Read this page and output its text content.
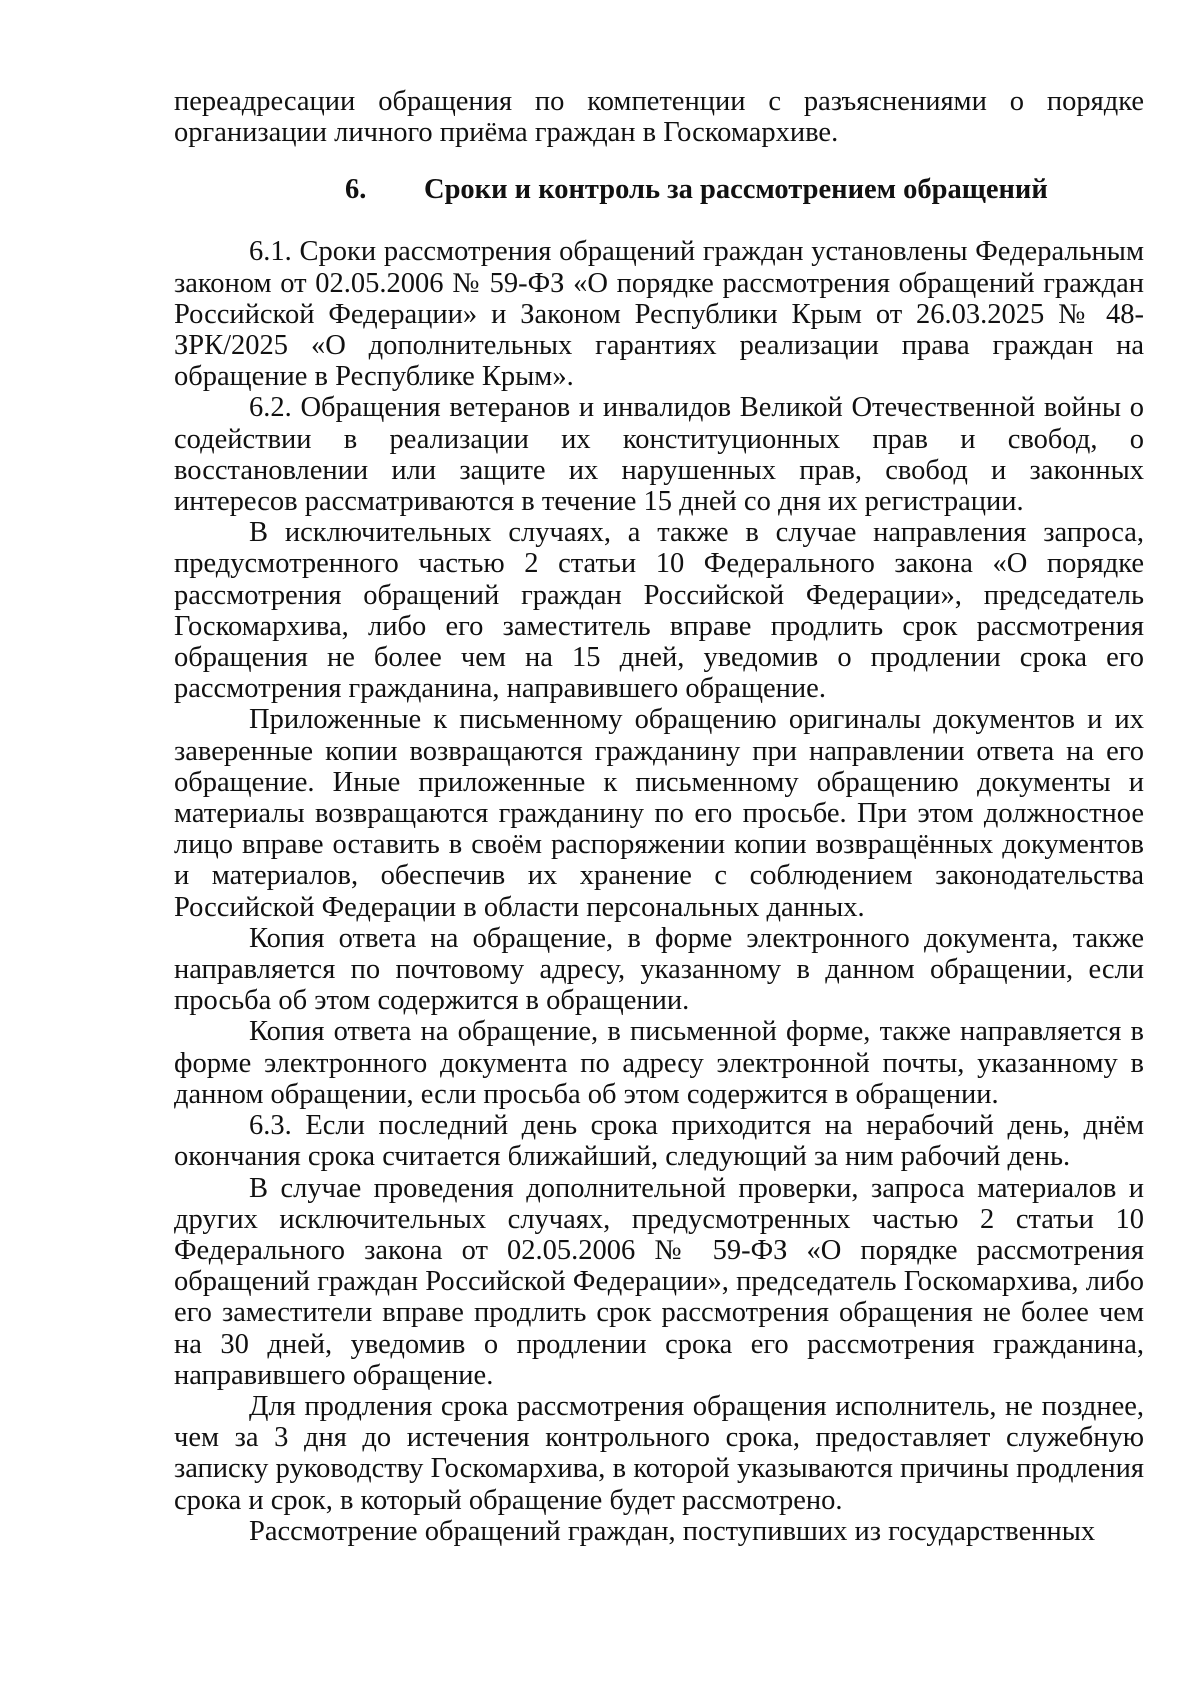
переадресации обращения по компетенции с разъяснениями о порядке организации личного приёма граждан в Госкомархиве.

6. Сроки и контроль за рассмотрением обращений

6.1. Сроки рассмотрения обращений граждан установлены Федеральным законом от 02.05.2006 № 59-ФЗ «О порядке рассмотрения обращений граждан Российской Федерации» и Законом Республики Крым от 26.03.2025 № 48-ЗРК/2025 «О дополнительных гарантиях реализации права граждан на обращение в Республике Крым».

6.2. Обращения ветеранов и инвалидов Великой Отечественной войны о содействии в реализации их конституционных прав и свобод, о восстановлении или защите их нарушенных прав, свобод и законных интересов рассматриваются в течение 15 дней со дня их регистрации.

В исключительных случаях, а также в случае направления запроса, предусмотренного частью 2 статьи 10 Федерального закона «О порядке рассмотрения обращений граждан Российской Федерации», председатель Госкомархива, либо его заместитель вправе продлить срок рассмотрения обращения не более чем на 15 дней, уведомив о продлении срока его рассмотрения гражданина, направившего обращение.

Приложенные к письменному обращению оригиналы документов и их заверенные копии возвращаются гражданину при направлении ответа на его обращение. Иные приложенные к письменному обращению документы и материалы возвращаются гражданину по его просьбе. При этом должностное лицо вправе оставить в своём распоряжении копии возвращённых документов и материалов, обеспечив их хранение с соблюдением законодательства Российской Федерации в области персональных данных.

Копия ответа на обращение, в форме электронного документа, также направляется по почтовому адресу, указанному в данном обращении, если просьба об этом содержится в обращении.

Копия ответа на обращение, в письменной форме, также направляется в форме электронного документа по адресу электронной почты, указанному в данном обращении, если просьба об этом содержится в обращении.

6.3. Если последний день срока приходится на нерабочий день, днём окончания срока считается ближайший, следующий за ним рабочий день.

В случае проведения дополнительной проверки, запроса материалов и других исключительных случаях, предусмотренных частью 2 статьи 10 Федерального закона от 02.05.2006 № 59-ФЗ «О порядке рассмотрения обращений граждан Российской Федерации», председатель Госкомархива, либо его заместители вправе продлить срок рассмотрения обращения не более чем на 30 дней, уведомив о продлении срока его рассмотрения гражданина, направившего обращение.

Для продления срока рассмотрения обращения исполнитель, не позднее, чем за 3 дня до истечения контрольного срока, предоставляет служебную записку руководству Госкомархива, в которой указываются причины продления срока и срок, в который обращение будет рассмотрено.

Рассмотрение обращений граждан, поступивших из государственных
